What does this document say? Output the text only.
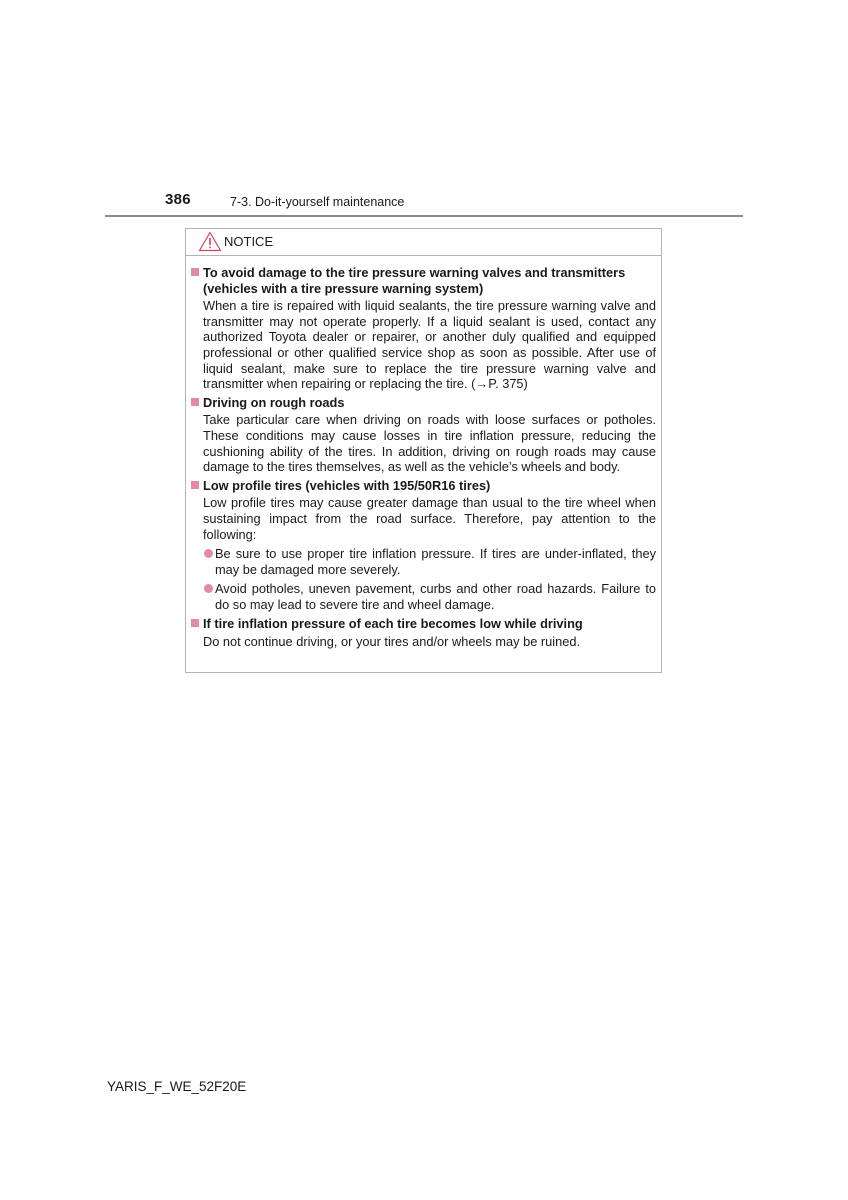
386	7-3. Do-it-yourself maintenance
NOTICE
To avoid damage to the tire pressure warning valves and transmitters (vehicles with a tire pressure warning system)
When a tire is repaired with liquid sealants, the tire pressure warning valve and transmitter may not operate properly. If a liquid sealant is used, contact any authorized Toyota dealer or repairer, or another duly qualified and equipped professional or other qualified service shop as soon as possible. After use of liquid sealant, make sure to replace the tire pressure warning valve and transmitter when repairing or replacing the tire. (→P. 375)
Driving on rough roads
Take particular care when driving on roads with loose surfaces or potholes. These conditions may cause losses in tire inflation pressure, reducing the cushioning ability of the tires. In addition, driving on rough roads may cause damage to the tires themselves, as well as the vehicle’s wheels and body.
Low profile tires (vehicles with 195/50R16 tires)
Low profile tires may cause greater damage than usual to the tire wheel when sustaining impact from the road surface. Therefore, pay attention to the following:
Be sure to use proper tire inflation pressure. If tires are under-inflated, they may be damaged more severely.
Avoid potholes, uneven pavement, curbs and other road hazards. Failure to do so may lead to severe tire and wheel damage.
If tire inflation pressure of each tire becomes low while driving
Do not continue driving, or your tires and/or wheels may be ruined.
YARIS_F_WE_52F20E
